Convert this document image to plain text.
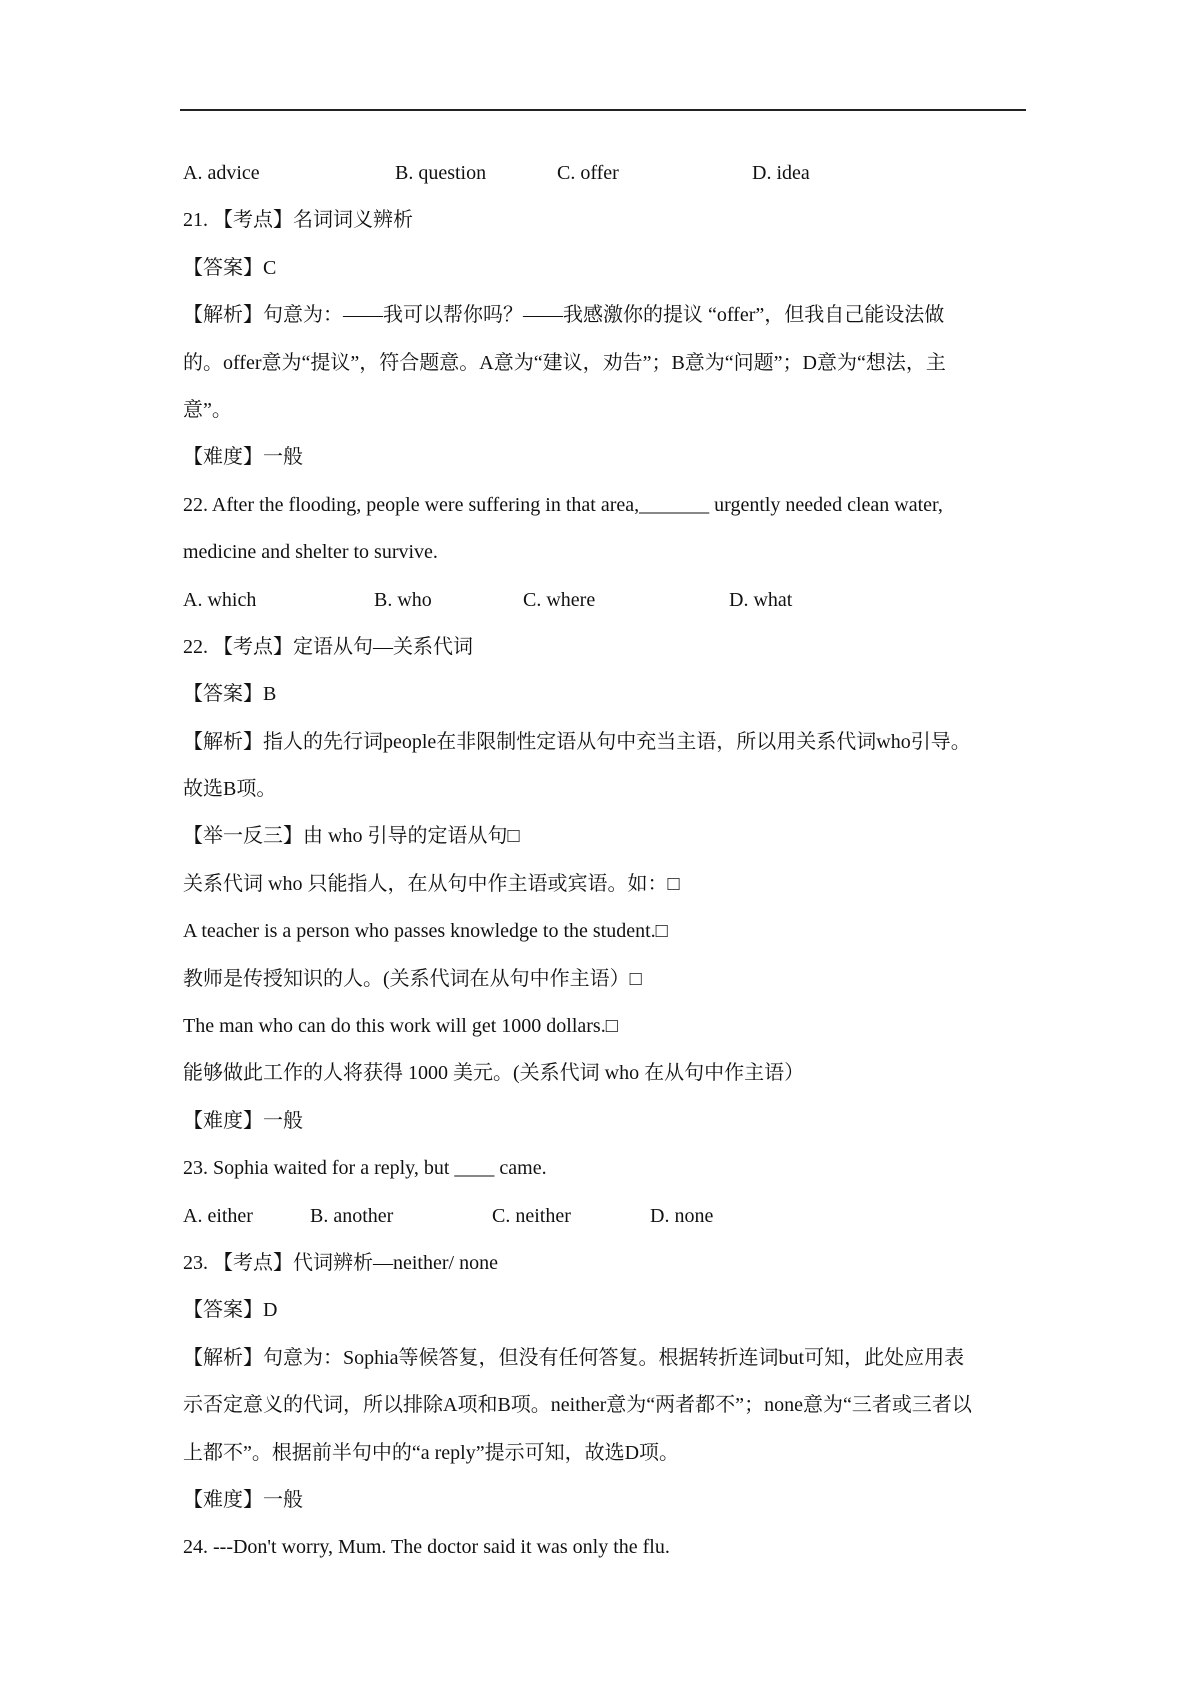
A. advice	B. question	C. offer	D. idea
21. 【考点】名词词义辨析
【答案】C
【解析】句意为：——我可以帮你吗？——我感激你的提议 “offer”，但我自己能设法做
的。offer意为“提议”，符合题意。A意为“建议，劝告”；B意为“问题”；D意为“想法，主
意”。
【难度】一般
22. After the flooding, people were suffering in that area,_______ urgently needed clean water,
medicine and shelter to survive.
A. which	B. who	C. where	D. what
22. 【考点】定语从句—关系代词
【答案】B
【解析】指人的先行词people在非限制性定语从句中充当主语，所以用关系代词who引导。
故选B项。
【举一反三】由 who 引导的定语从句□
关系代词 who 只能指人，在从句中作主语或宾语。如：□
A teacher is a person who passes knowledge to the student.□
教师是传授知识的人。(关系代词在从句中作主语）□
The man who can do this work will get 1000 dollars.□
能够做此工作的人将获得 1000 美元。(关系代词 who 在从句中作主语）
【难度】一般
23. Sophia waited for a reply, but ____ came.
A. either	B. another	C. neither	D. none
23. 【考点】代词辨析—neither/ none
【答案】D
【解析】句意为：Sophia等候答复，但没有任何答复。根据转折连词but可知，此处应用表
示否定意义的代词，所以排除A项和B项。neither意为“两者都不”；none意为“三者或三者以
上都不”。根据前半句中的“a reply”提示可知，故选D项。
【难度】一般
24. ---Don't worry, Mum. The doctor said it was only the flu.
